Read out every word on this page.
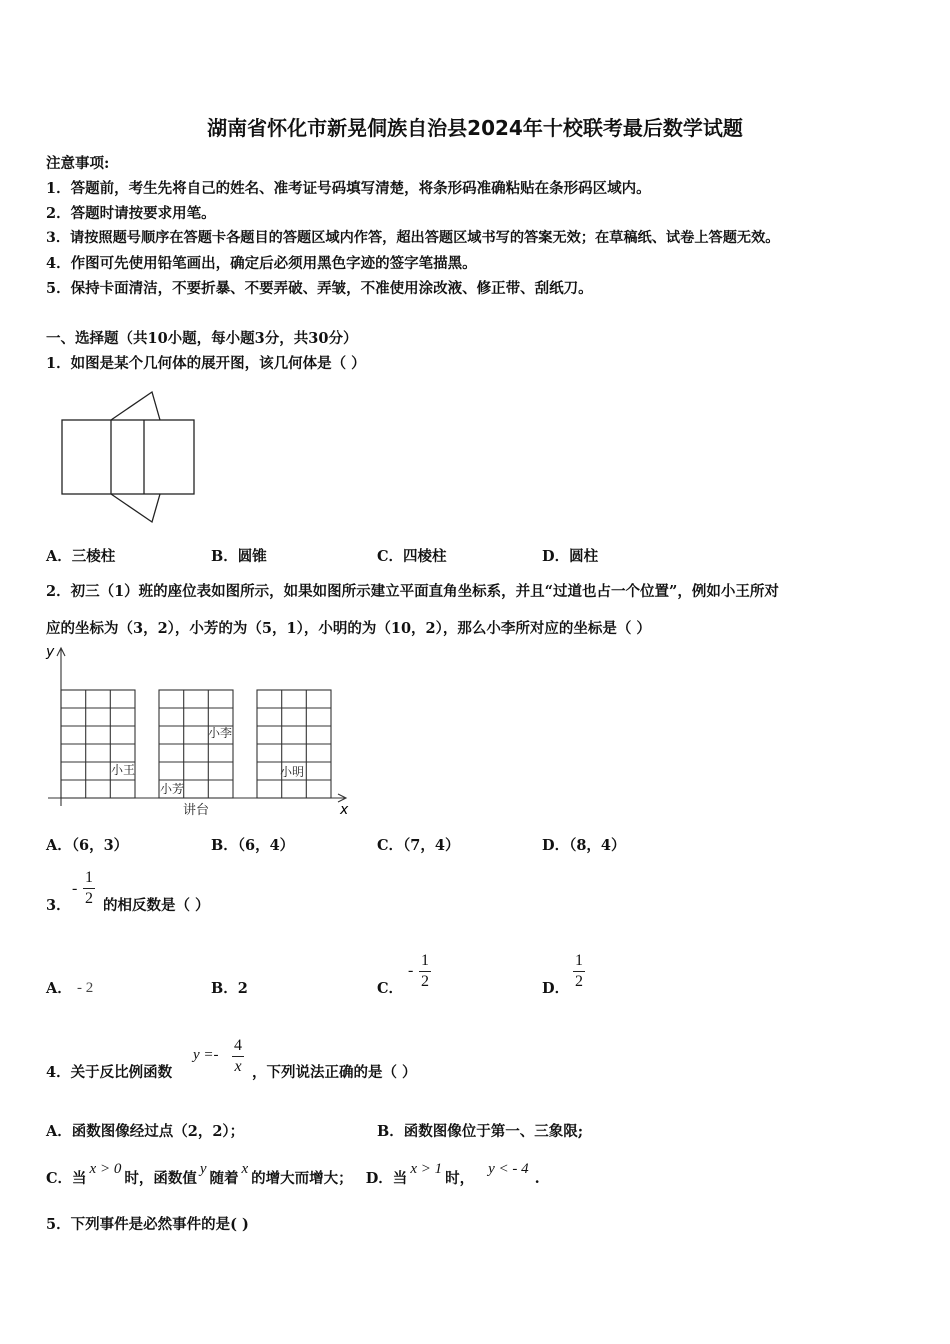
湖南省怀化市新晃侗族自治县2024年十校联考最后数学试题
注意事项:
1．答题前，考生先将自己的姓名、准考证号码填写清楚，将条形码准确粘贴在条形码区域内。
2．答题时请按要求用笔。
3．请按照题号顺序在答题卡各题目的答题区域内作答，超出答题区域书写的答案无效；在草稿纸、试卷上答题无效。
4．作图可先使用铅笔画出，确定后必须用黑色字迹的签字笔描黑。
5．保持卡面清洁，不要折暴、不要弄破、弄皱，不准使用涂改液、修正带、刮纸刀。
一、选择题（共10小题，每小题3分，共30分）
1．如图是某个几何体的展开图，该几何体是（ ）
A．三棱柱	B．圆锥	C．四棱柱	D．圆柱
2．初三（1）班的座位表如图所示，如果如图所示建立平面直角坐标系，并且“过道也占一个位置”，例如小王所对
应的坐标为（3，2），小芳的为（5，1），小明的为（10，2），那么小李所对应的坐标是（ ）
y
x
小王
小芳
小李
小明
讲台
A．（6，3）	B．（6，4）	C．（7，4）	D．（8，4）
3．
- $\frac{1}{2}$ 的相反数是（ ）
A． - 2	B．2	C．
- $\frac{1}{2}$	D． $\frac{1}{2}$
4．关于反比例函数
$y =- \frac{4}{x}$ ，下列说法正确的是（ ）
A．函数图像经过点（2，2）；	B．函数图像位于第一、三象限;
C．当x > 0时，函数值y随着x的增大而增大； D．当x > 1时，y < - 4.
5．下列事件是必然事件的是( )
